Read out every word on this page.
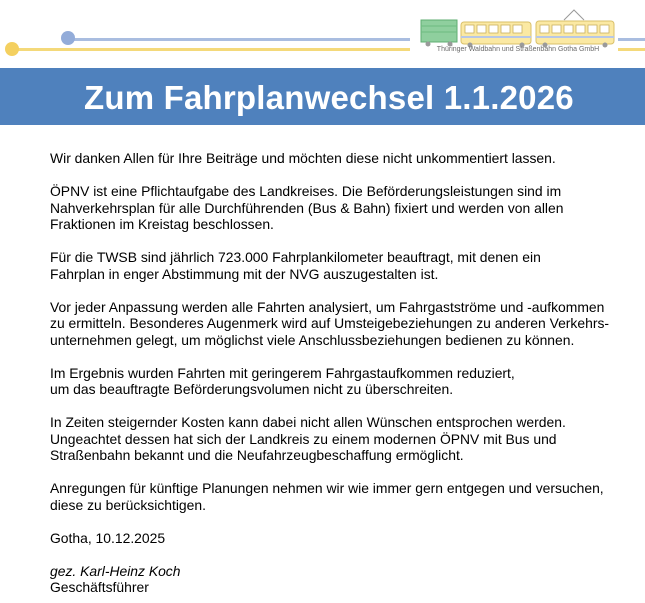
Thüringer Waldbahn und Straßenbahn Gotha GmbH
Zum Fahrplanwechsel 1.1.2026

Wir danken Allen für Ihre Beiträge und möchten diese nicht unkommentiert lassen.

ÖPNV ist eine Pflichtaufgabe des Landkreises. Die Beförderungsleistungen sind im
Nahverkehrsplan für alle Durchführenden (Bus & Bahn) fixiert und werden von allen
Fraktionen im Kreistag beschlossen.

Für die TWSB sind jährlich 723.000 Fahrplankilometer beauftragt, mit denen ein
Fahrplan in enger Abstimmung mit der NVG auszugestalten ist.

Vor jeder Anpassung werden alle Fahrten analysiert, um Fahrgastströme und -aufkommen
zu ermitteln. Besonderes Augenmerk wird auf Umsteigebeziehungen zu anderen Verkehrs-
unternehmen gelegt, um möglichst viele Anschlussbeziehungen bedienen zu können.

Im Ergebnis wurden Fahrten mit geringerem Fahrgastaufkommen reduziert,
um das beauftragte Beförderungsvolumen nicht zu überschreiten.

In Zeiten steigernder Kosten kann dabei nicht allen Wünschen entsprochen werden.
Ungeachtet dessen hat sich der Landkreis zu einem modernen ÖPNV mit Bus und
Straßenbahn bekannt und die Neufahrzeugbeschaffung ermöglicht.

Anregungen für künftige Planungen nehmen wir wie immer gern entgegen und versuchen,
diese zu berücksichtigen.

Gotha, 10.12.2025

gez. Karl-Heinz Koch

Geschäftsführer
